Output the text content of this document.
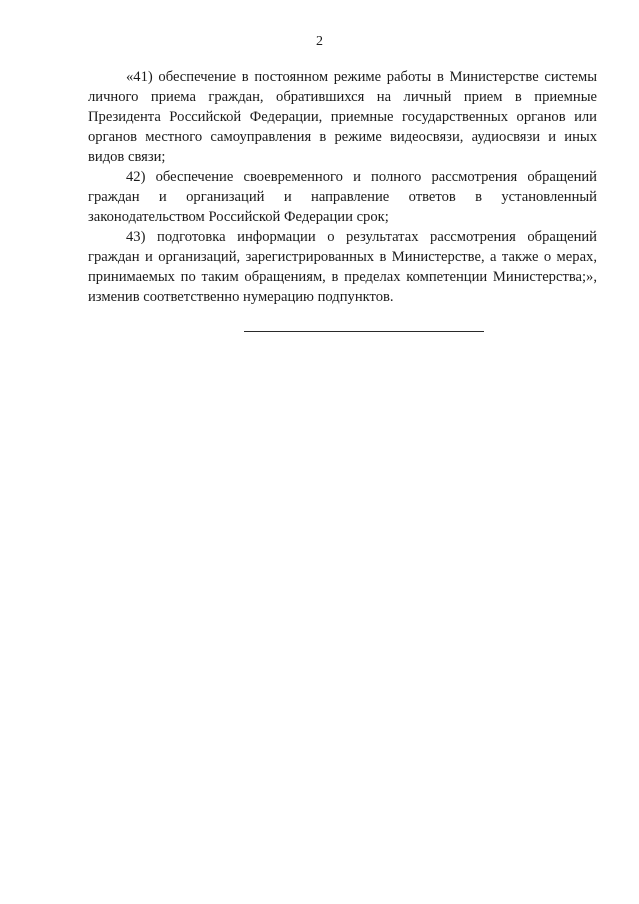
2

«41) обеспечение в постоянном режиме работы в Министерстве системы личного приема граждан, обратившихся на личный прием в приемные Президента Российской Федерации, приемные государственных органов или органов местного самоуправления в режиме видеосвязи, аудиосвязи и иных видов связи;

42) обеспечение своевременного и полного рассмотрения обращений граждан и организаций и направление ответов в установленный законодательством Российской Федерации срок;

43) подготовка информации о результатах рассмотрения обращений граждан и организаций, зарегистрированных в Министерстве, а также о мерах, принимаемых по таким обращениям, в пределах компетенции Министерства;», изменив соответственно нумерацию подпунктов.
